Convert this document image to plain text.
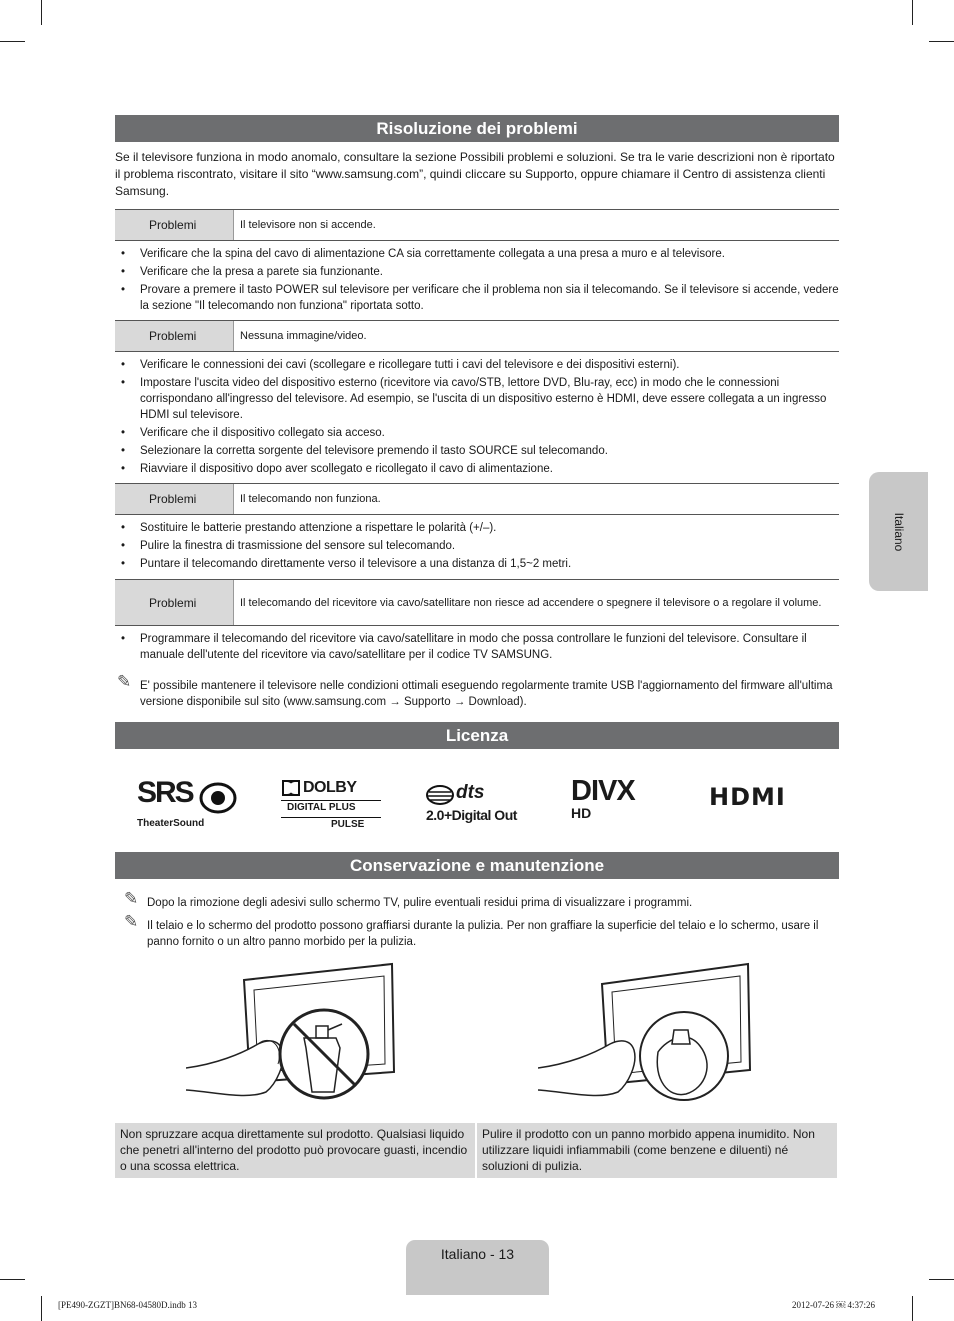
Risoluzione dei problemi
Se il televisore funziona in modo anomalo, consultare la sezione Possibili problemi e soluzioni. Se tra le varie descrizioni non è riportato il problema riscontrato, visitare il sito “www.samsung.com”, quindi cliccare su Supporto, oppure chiamare il Centro di assistenza clienti Samsung.
Problemi	Il televisore non si accende.
• Verificare che la spina del cavo di alimentazione CA sia correttamente collegata a una presa a muro e al televisore.
• Verificare che la presa a parete sia funzionante.
• Provare a premere il tasto POWER sul televisore per verificare che il problema non sia il telecomando. Se il televisore si accende, vedere la sezione "Il telecomando non funziona" riportata sotto.
Problemi	Nessuna immagine/video.
• Verificare le connessioni dei cavi (scollegare e ricollegare tutti i cavi del televisore e dei dispositivi esterni).
• Impostare l'uscita video del dispositivo esterno (ricevitore via cavo/STB, lettore DVD, Blu-ray, ecc) in modo che le connessioni corrispondano all'ingresso del televisore. Ad esempio, se l'uscita di un dispositivo esterno è HDMI, deve essere collegata a un ingresso HDMI sul televisore.
• Verificare che il dispositivo collegato sia acceso.
• Selezionare la corretta sorgente del televisore premendo il tasto SOURCE sul telecomando.
• Riavviare il dispositivo dopo aver scollegato e ricollegato il cavo di alimentazione.
Problemi	Il telecomando non funziona.
• Sostituire le batterie prestando attenzione a rispettare le polarità (+/–).
• Pulire la finestra di trasmissione del sensore sul telecomando.
• Puntare il telecomando direttamente verso il televisore a una distanza di 1,5~2 metri.
Problemi	Il telecomando del ricevitore via cavo/satellitare non riesce ad accendere o spegnere il televisore o a regolare il volume.
• Programmare il telecomando del ricevitore via cavo/satellitare in modo che possa controllare le funzioni del televisore. Consultare il manuale dell'utente del ricevitore via cavo/satellitare per il codice TV SAMSUNG.
✎ E' possibile mantenere il televisore nelle condizioni ottimali eseguendo regolarmente tramite USB l'aggiornamento del firmware all'ultima versione disponibile sul sito (www.samsung.com → Supporto → Download).
Licenza
SRS
TheaterSound
DOLBY
DIGITAL PLUS
PULSE
dts
2.0+Digital Out
DIVX
HD
HDMI
Conservazione e manutenzione
✎ Dopo la rimozione degli adesivi sullo schermo TV, pulire eventuali residui prima di visualizzare i programmi.
✎ Il telaio e lo schermo del prodotto possono graffiarsi durante la pulizia. Per non graffiare la superficie del telaio e lo schermo, usare il panno fornito o un altro panno morbido per la pulizia.
Non spruzzare acqua direttamente sul prodotto. Qualsiasi liquido che penetri all'interno del prodotto può provocare guasti, incendio o una scossa elettrica.
Pulire il prodotto con un panno morbido appena inumidito. Non utilizzare liquidi infiammabili (come benzene e diluenti) né soluzioni di pulizia.
Italiano
Italiano - 13
[PE490-ZGZT]BN68-04580D.indb 13	2012-07-26 ￼ 4:37:26
